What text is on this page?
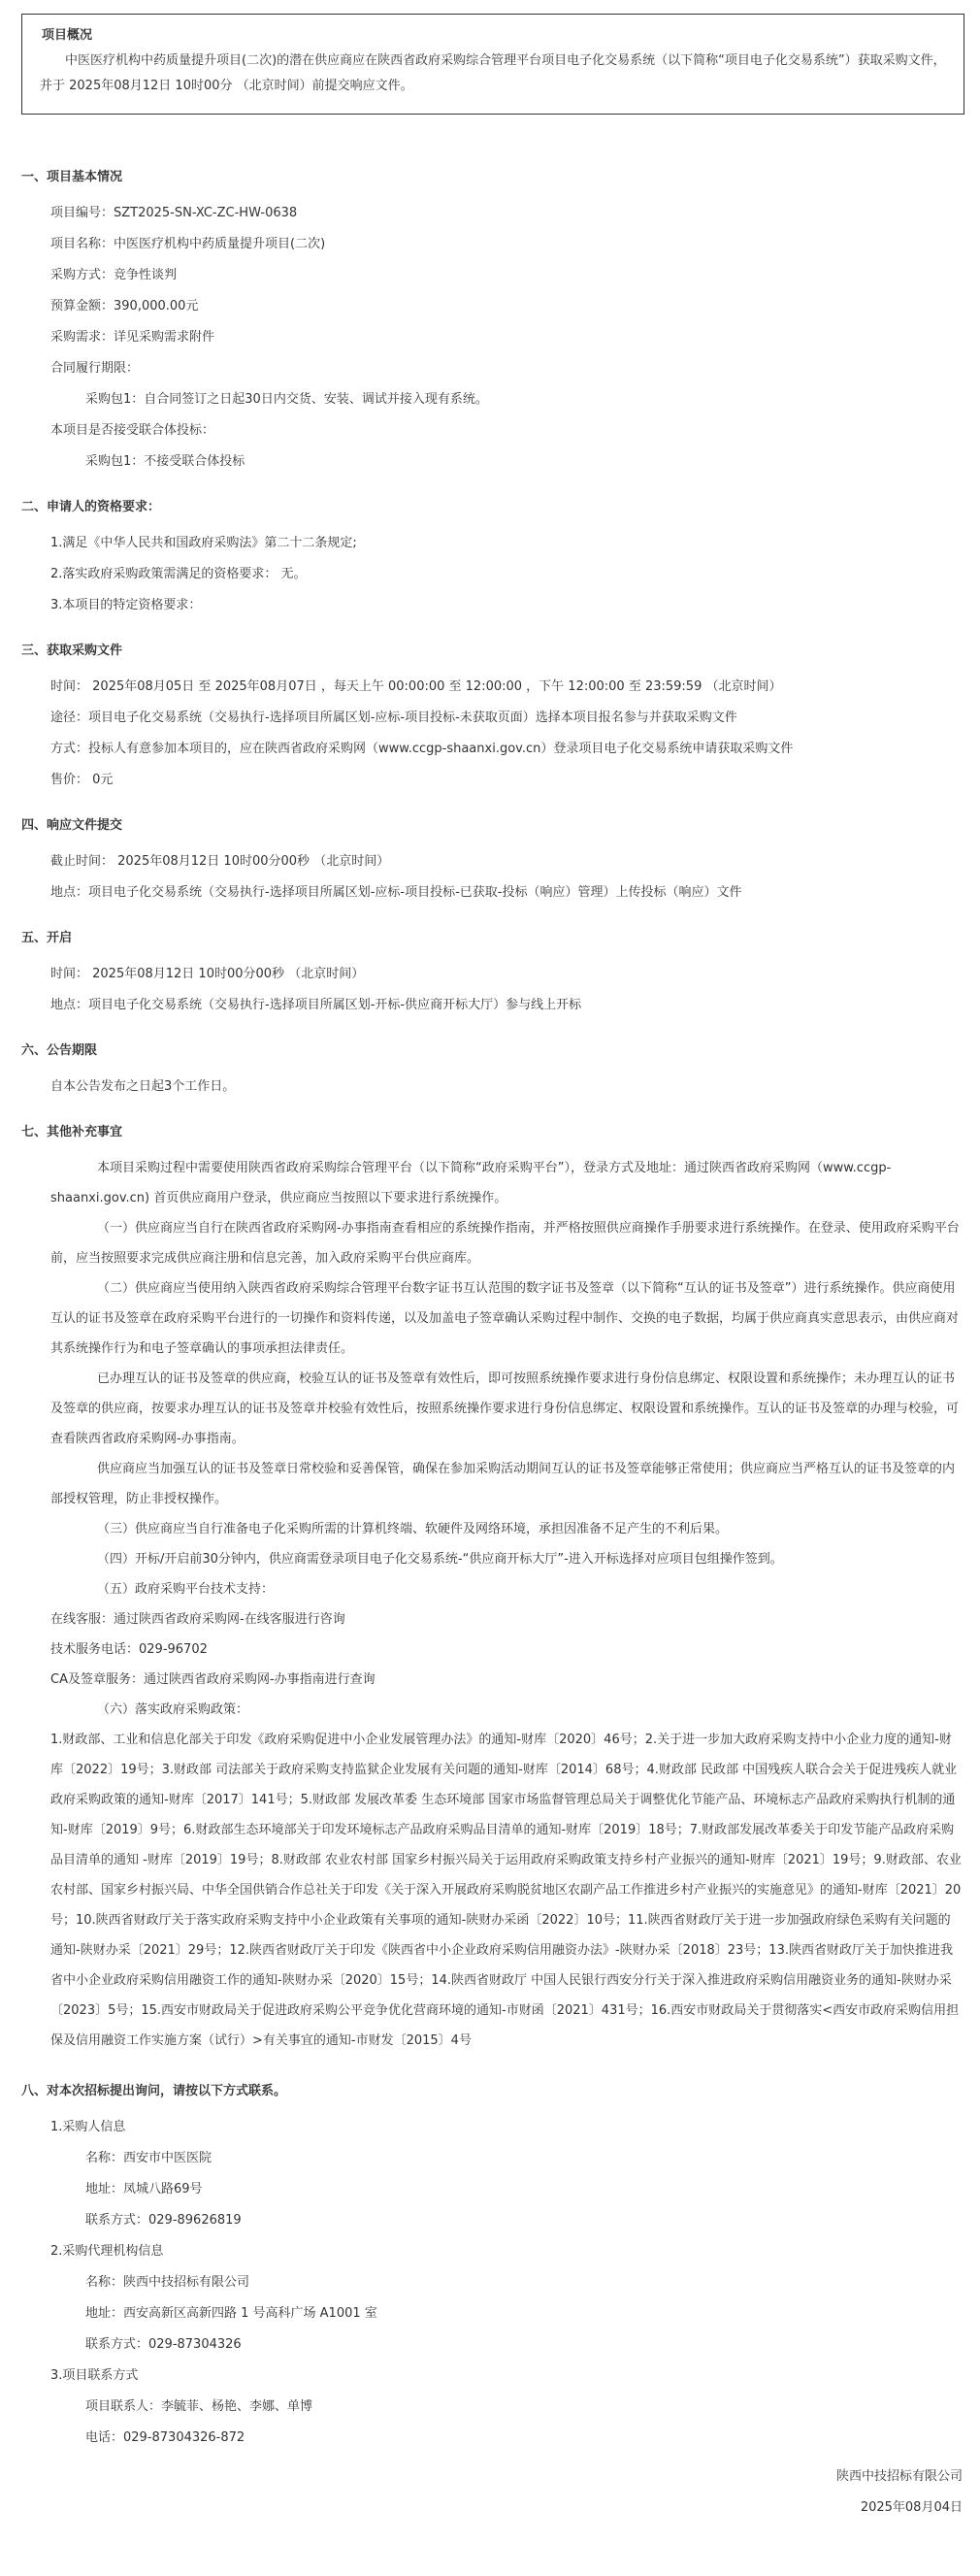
项目概况
中医医疗机构中药质量提升项目(二次)的潜在供应商应在陕西省政府采购综合管理平台项目电子化交易系统（以下简称“项目电子化交易系统”）获取采购文件，并于 2025年08月12日 10时00分 （北京时间）前提交响应文件。
一、项目基本情况
项目编号：SZT2025-SN-XC-ZC-HW-0638
项目名称：中医医疗机构中药质量提升项目(二次)
采购方式：竞争性谈判
预算金额：390,000.00元
采购需求：详见采购需求附件
合同履行期限：
采购包1：自合同签订之日起30日内交货、安装、调试并接入现有系统。
本项目是否接受联合体投标：
采购包1：不接受联合体投标
二、申请人的资格要求：
1.满足《中华人民共和国政府采购法》第二十二条规定;
2.落实政府采购政策需满足的资格要求： 无。
3.本项目的特定资格要求：
三、获取采购文件
时间： 2025年08月05日 至 2025年08月07日 ，每天上午 00:00:00 至 12:00:00 ，下午 12:00:00 至 23:59:59 （北京时间）
途径：项目电子化交易系统（交易执行-选择项目所属区划-应标-项目投标-未获取页面）选择本项目报名参与并获取采购文件
方式：投标人有意参加本项目的，应在陕西省政府采购网（www.ccgp-shaanxi.gov.cn）登录项目电子化交易系统申请获取采购文件
售价： 0元
四、响应文件提交
截止时间： 2025年08月12日 10时00分00秒 （北京时间）
地点：项目电子化交易系统（交易执行-选择项目所属区划-应标-项目投标-已获取-投标（响应）管理）上传投标（响应）文件
五、开启
时间： 2025年08月12日 10时00分00秒 （北京时间）
地点：项目电子化交易系统（交易执行-选择项目所属区划-开标-供应商开标大厅）参与线上开标
六、公告期限
自本公告发布之日起3个工作日。
七、其他补充事宜
本项目采购过程中需要使用陕西省政府采购综合管理平台（以下简称“政府采购平台”），登录方式及地址：通过陕西省政府采购网（www.ccgp-shaanxi.gov.cn) 首页供应商用户登录，供应商应当按照以下要求进行系统操作。
（一）供应商应当自行在陕西省政府采购网-办事指南查看相应的系统操作指南，并严格按照供应商操作手册要求进行系统操作。在登录、使用政府采购平台前，应当按照要求完成供应商注册和信息完善，加入政府采购平台供应商库。
（二）供应商应当使用纳入陕西省政府采购综合管理平台数字证书互认范围的数字证书及签章（以下简称“互认的证书及签章”）进行系统操作。供应商使用互认的证书及签章在政府采购平台进行的一切操作和资料传递，以及加盖电子签章确认采购过程中制作、交换的电子数据，均属于供应商真实意思表示，由供应商对其系统操作行为和电子签章确认的事项承担法律责任。
已办理互认的证书及签章的供应商，校验互认的证书及签章有效性后，即可按照系统操作要求进行身份信息绑定、权限设置和系统操作；未办理互认的证书及签章的供应商，按要求办理互认的证书及签章并校验有效性后，按照系统操作要求进行身份信息绑定、权限设置和系统操作。互认的证书及签章的办理与校验，可查看陕西省政府采购网-办事指南。
供应商应当加强互认的证书及签章日常校验和妥善保管，确保在参加采购活动期间互认的证书及签章能够正常使用；供应商应当严格互认的证书及签章的内部授权管理，防止非授权操作。
（三）供应商应当自行准备电子化采购所需的计算机终端、软硬件及网络环境，承担因准备不足产生的不利后果。
（四）开标/开启前30分钟内，供应商需登录项目电子化交易系统-“供应商开标大厅”-进入开标选择对应项目包组操作签到。
（五）政府采购平台技术支持：
在线客服：通过陕西省政府采购网-在线客服进行咨询
技术服务电话：029-96702
CA及签章服务：通过陕西省政府采购网-办事指南进行查询
（六）落实政府采购政策：
1.财政部、工业和信息化部关于印发《政府采购促进中小企业发展管理办法》的通知-财库〔2020〕46号；2.关于进一步加大政府采购支持中小企业力度的通知-财库〔2022〕19号；3.财政部 司法部关于政府采购支持监狱企业发展有关问题的通知-财库〔2014〕68号；4.财政部 民政部 中国残疾人联合会关于促进残疾人就业政府采购政策的通知-财库〔2017〕141号；5.财政部 发展改革委 生态环境部 国家市场监督管理总局关于调整优化节能产品、环境标志产品政府采购执行机制的通知-财库〔2019〕9号；6.财政部生态环境部关于印发环境标志产品政府采购品目清单的通知-财库〔2019〕18号；7.财政部发展改革委关于印发节能产品政府采购品目清单的通知 -财库〔2019〕19号；8.财政部 农业农村部 国家乡村振兴局关于运用政府采购政策支持乡村产业振兴的通知-财库〔2021〕19号；9.财政部、农业农村部、国家乡村振兴局、中华全国供销合作总社关于印发《关于深入开展政府采购脱贫地区农副产品工作推进乡村产业振兴的实施意见》的通知-财库〔2021〕20号；10.陕西省财政厅关于落实政府采购支持中小企业政策有关事项的通知-陕财办采函〔2022〕10号；11.陕西省财政厅关于进一步加强政府绿色采购有关问题的通知-陕财办采〔2021〕29号；12.陕西省财政厅关于印发《陕西省中小企业政府采购信用融资办法》-陕财办采〔2018〕23号；13.陕西省财政厅关于加快推进我省中小企业政府采购信用融资工作的通知-陕财办采〔2020〕15号；14.陕西省财政厅 中国人民银行西安分行关于深入推进政府采购信用融资业务的通知-陕财办采〔2023〕5号；15.西安市财政局关于促进政府采购公平竞争优化营商环境的通知-市财函〔2021〕431号；16.西安市财政局关于贯彻落实<西安市政府采购信用担保及信用融资工作实施方案（试行）>有关事宜的通知-市财发〔2015〕4号
八、对本次招标提出询问，请按以下方式联系。
1.采购人信息
名称：西安市中医医院
地址：凤城八路69号
联系方式：029-89626819
2.采购代理机构信息
名称：陕西中技招标有限公司
地址：西安高新区高新四路 1 号高科广场 A1001 室
联系方式：029-87304326
3.项目联系方式
项目联系人：李毓菲、杨艳、李娜、单博
电话：029-87304326-872
陕西中技招标有限公司
2025年08月04日
